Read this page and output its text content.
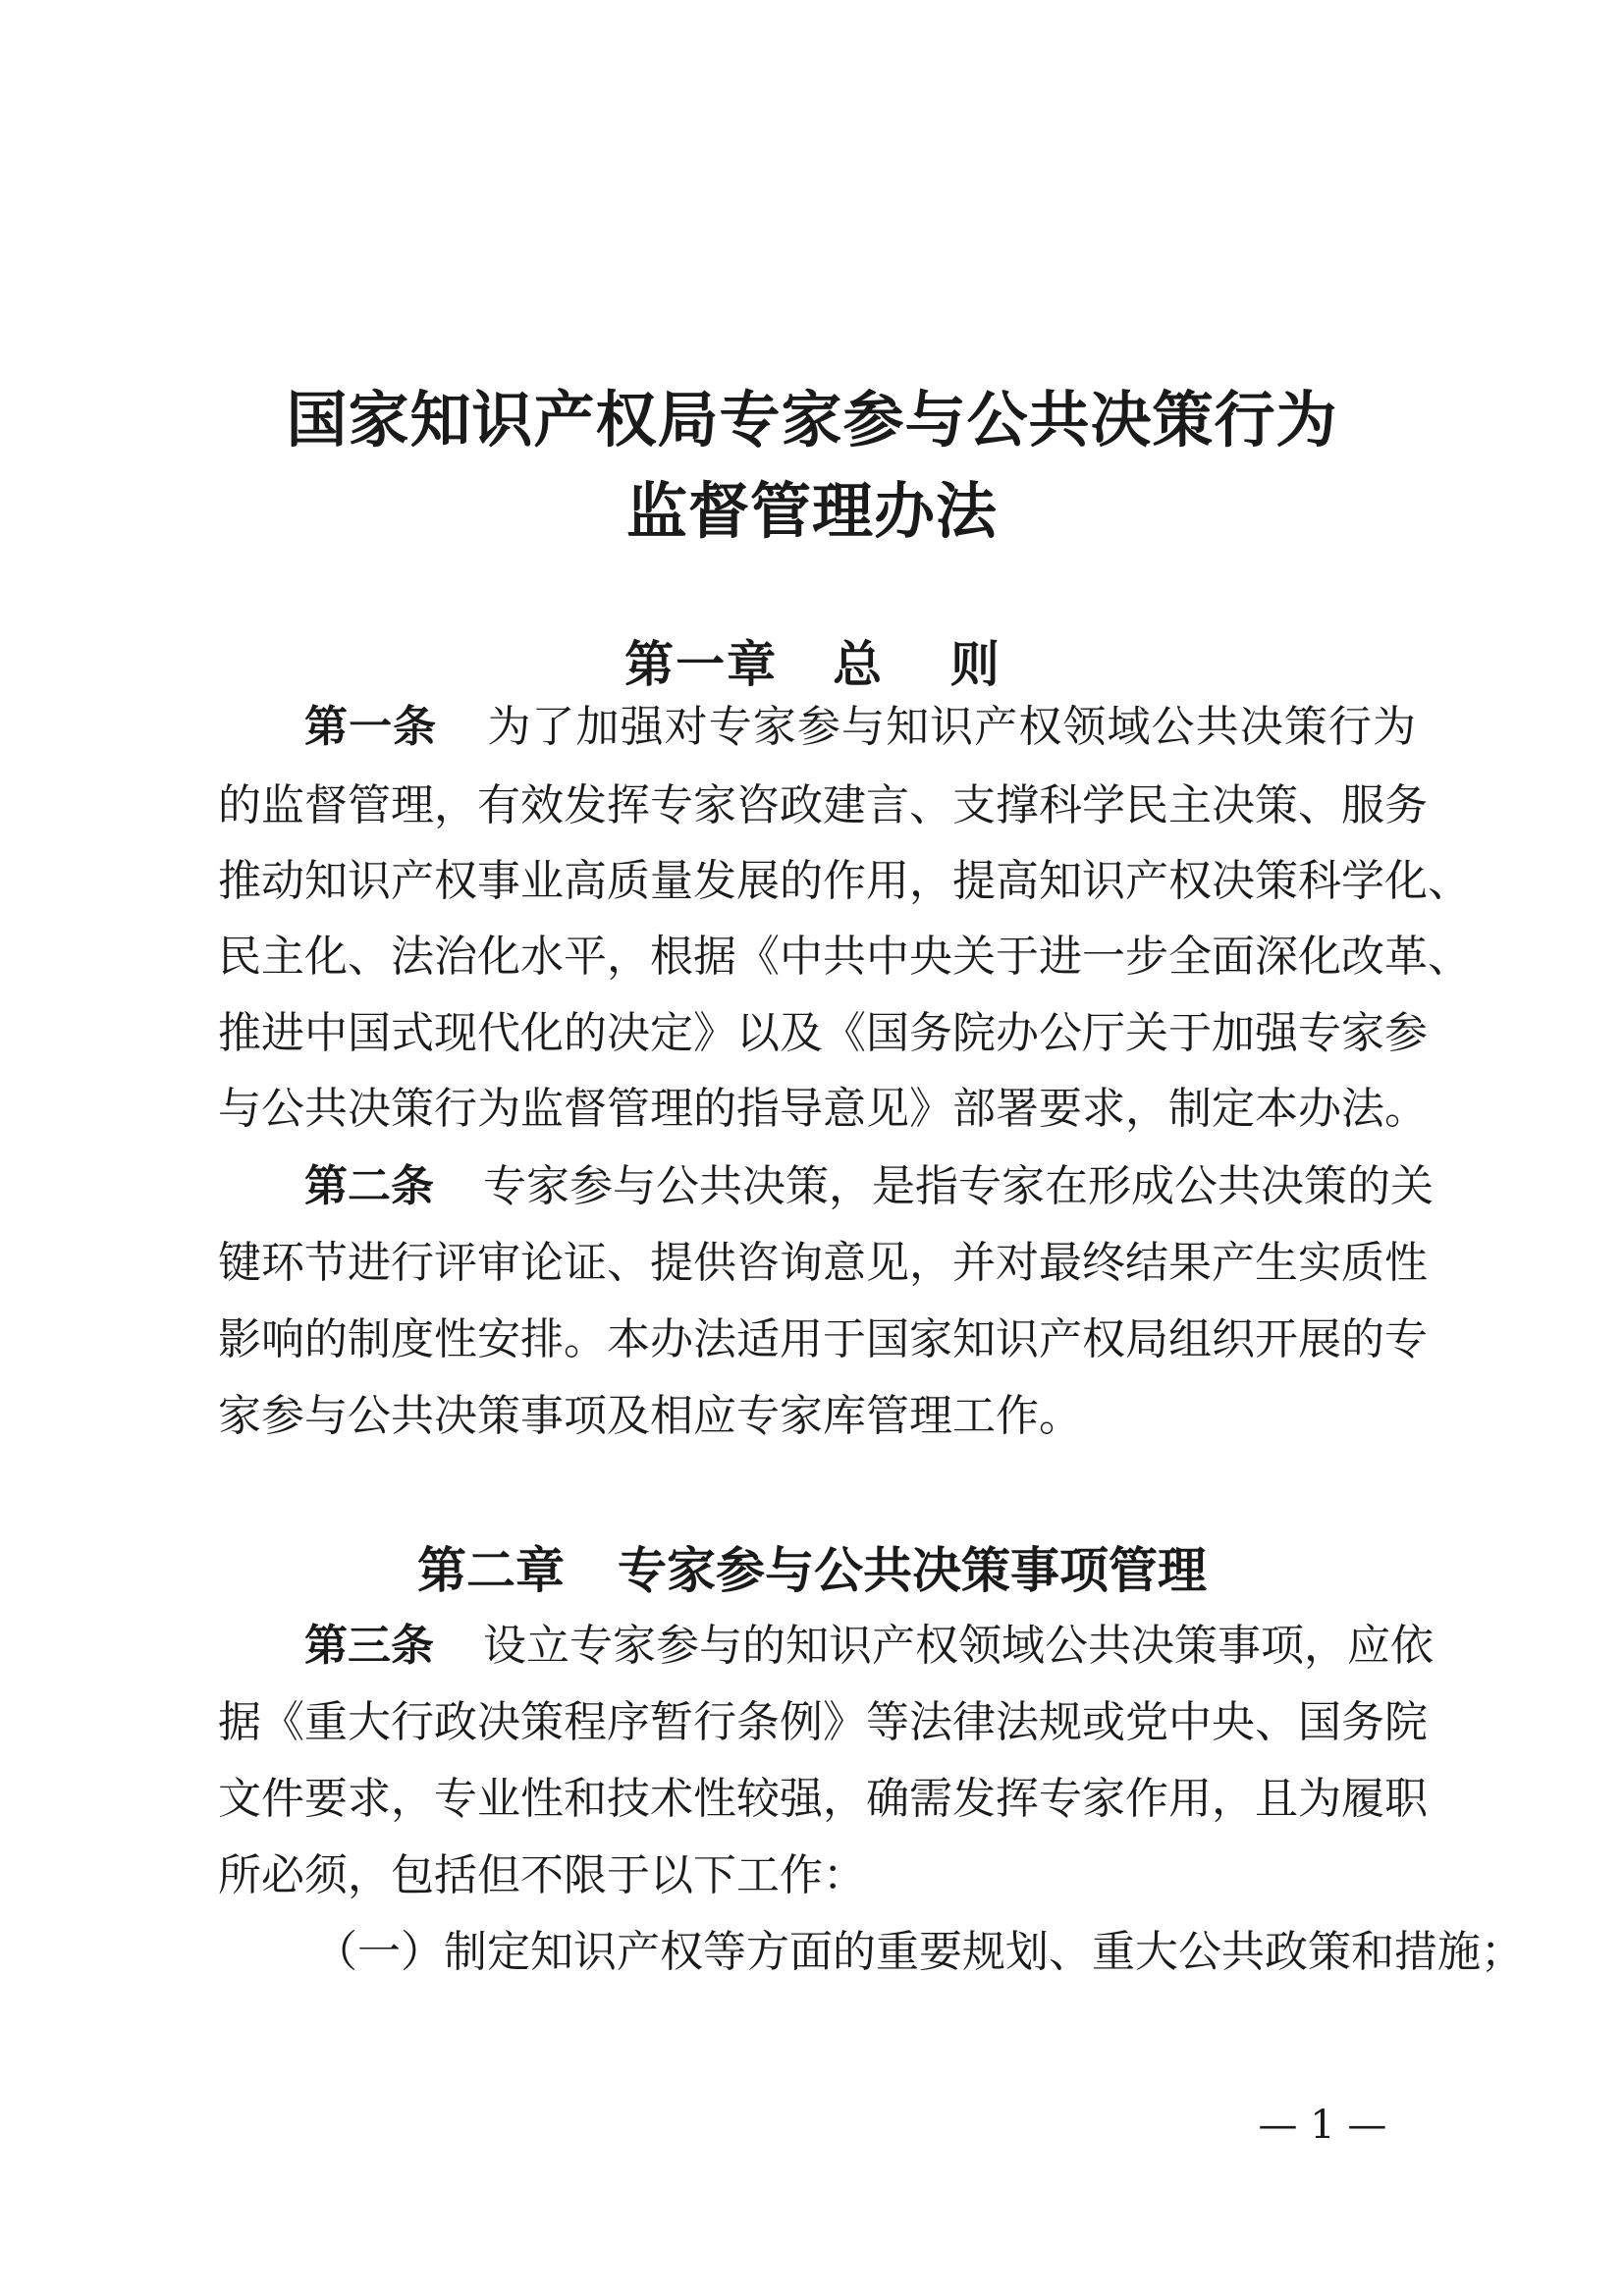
国家知识产权局专家参与公共决策行为
监督管理办法
第一章 总    则
第一条 为了加强对专家参与知识产权领域公共决策行为
的监督管理，有效发挥专家咨政建言、支撑科学民主决策、服务
推动知识产权事业高质量发展的作用，提高知识产权决策科学化、
民主化、法治化水平，根据《中共中央关于进一步全面深化改革、
推进中国式现代化的决定》以及《国务院办公厅关于加强专家参
与公共决策行为监督管理的指导意见》部署要求，制定本办法。
第二条 专家参与公共决策，是指专家在形成公共决策的关
键环节进行评审论证、提供咨询意见，并对最终结果产生实质性
影响的制度性安排。本办法适用于国家知识产权局组织开展的专
家参与公共决策事项及相应专家库管理工作。
第二章 专家参与公共决策事项管理
第三条 设立专家参与的知识产权领域公共决策事项，应依
据《重大行政决策程序暂行条例》等法律法规或党中央、国务院
文件要求，专业性和技术性较强，确需发挥专家作用，且为履职
所必须，包括但不限于以下工作：
（一）制定知识产权等方面的重要规划、重大公共政策和措施；
— 1 —
